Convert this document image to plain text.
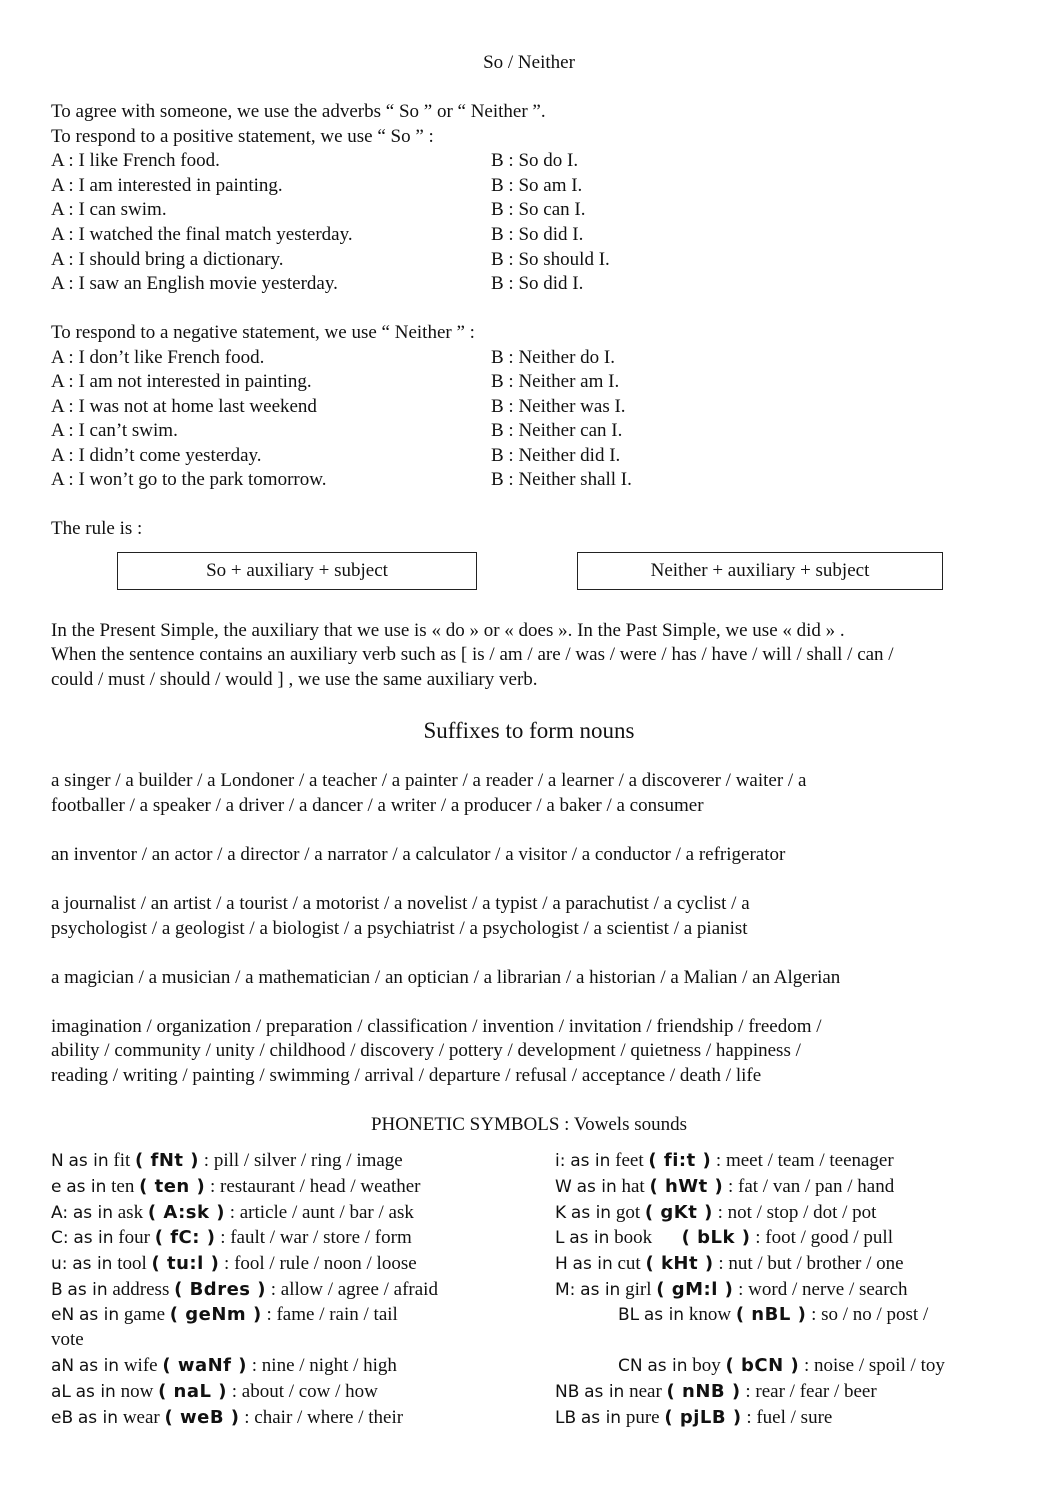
So / Neither
To agree with someone, we use the adverbs “ So ” or “ Neither ”.
To respond to a positive statement, we use “ So ” :
A : I like French food.	B : So do I.
A : I am interested in painting.	B : So am I.
A : I can swim.	B : So can I.
A : I watched the final match yesterday.	B : So did I.
A : I should bring a dictionary.	B : So should I.
A : I saw an English movie yesterday.	B : So did I.
To respond to a negative statement, we use “ Neither ” :
A : I don’t like French food.	B : Neither do I.
A : I am not interested in painting.	B : Neither am I.
A : I was not at home last weekend	B : Neither was I.
A : I can’t swim.	B : Neither can I.
A : I didn’t come yesterday.	B : Neither did I.
A : I won’t go to the park tomorrow.	B : Neither shall I.
The rule is :
So + auxiliary + subject	Neither + auxiliary + subject
In the Present Simple, the auxiliary that we use is « do » or « does ». In the Past Simple, we use « did » .
When the sentence contains an auxiliary verb such as [ is / am / are / was / were / has / have / will / shall / can /
could / must / should / would ] , we use the same auxiliary verb.
Suffixes to form nouns
a singer / a builder / a Londoner / a teacher / a painter / a reader / a learner / a discoverer / waiter / a
footballer / a speaker / a driver / a dancer / a writer / a producer / a baker / a consumer
an inventor / an actor / a director / a narrator / a calculator / a visitor / a conductor / a refrigerator
a journalist / an artist / a tourist / a motorist / a novelist / a typist / a parachutist / a cyclist / a
psychologist / a geologist / a biologist / a psychiatrist / a psychologist / a scientist / a pianist
a magician / a musician / a mathematician / an optician / a librarian / a historian / a Malian / an Algerian
imagination / organization / preparation / classification / invention / invitation / friendship / freedom /
ability / community / unity / childhood / discovery / pottery / development / quietness / happiness /
reading / writing / painting / swimming / arrival / departure / refusal / acceptance / death / life
PHONETIC SYMBOLS : Vowels sounds
N as in fit ( fNt ) : pill / silver / ring / image
e as in ten ( ten ) : restaurant / head / weather
A: as in ask ( A:sk ) : article / aunt / bar / ask
C: as in four ( fC: ) : fault / war / store / form
u: as in tool ( tu:l ) : fool / rule / noon / loose
B as in address ( Bdres ) : allow / agree / afraid
eN as in game ( geNm ) : fame / rain / tail
vote
aN as in wife ( waNf ) : nine / night / high
aL as in now ( naL ) : about / cow / how
eB as in wear ( weB ) : chair / where / their
i: as in feet ( fi:t ) : meet / team / teenager
W as in hat ( hWt ) : fat / van / pan / hand
K as in got ( gKt ) : not / stop / dot / pot
L as in book ( bLk ) : foot / good / pull
H as in cut ( kHt ) : nut / but / brother / one
M: as in girl ( gM:l ) : word / nerve / search
BL as in know ( nBL ) : so / no / post /
CN as in boy ( bCN ) : noise / spoil / toy
NB as in near ( nNB ) : rear / fear / beer
LB as in pure ( pjLB ) : fuel / sure
